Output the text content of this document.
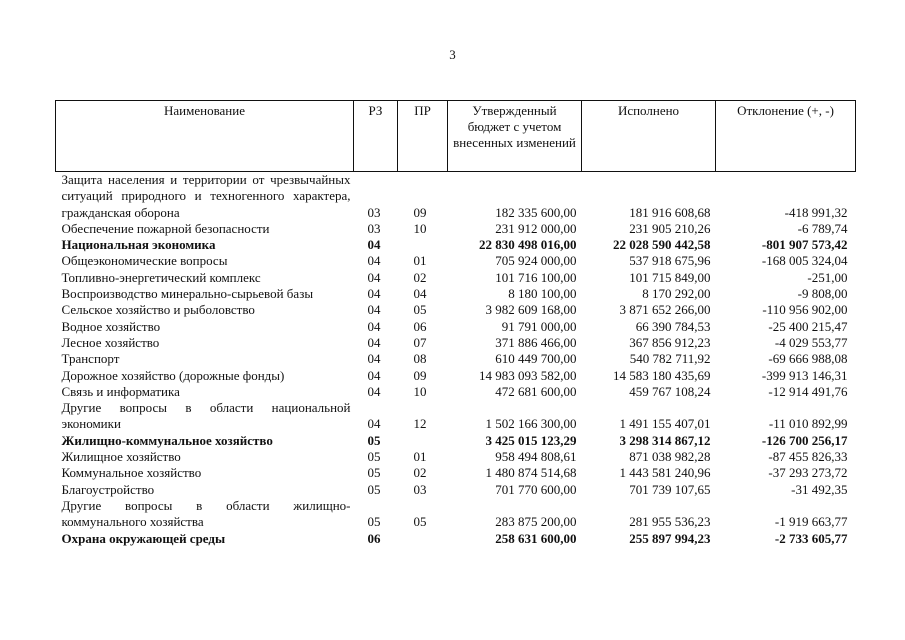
3
Наименование	РЗ	ПР	Утвержденный бюджет с учетом внесенных изменений	Исполнено	Отклонение (+, -)
Защита населения и территории от чрезвычайных ситуаций природного и техногенного характера, гражданская оборона	03	09	182 335 600,00	181 916 608,68	-418 991,32
Обеспечение пожарной безопасности	03	10	231 912 000,00	231 905 210,26	-6 789,74
Национальная экономика	04		22 830 498 016,00	22 028 590 442,58	-801 907 573,42
Общеэкономические вопросы	04	01	705 924 000,00	537 918 675,96	-168 005 324,04
Топливно-энергетический комплекс	04	02	101 716 100,00	101 715 849,00	-251,00
Воспроизводство минерально-сырьевой базы	04	04	8 180 100,00	8 170 292,00	-9 808,00
Сельское хозяйство и рыболовство	04	05	3 982 609 168,00	3 871 652 266,00	-110 956 902,00
Водное хозяйство	04	06	91 791 000,00	66 390 784,53	-25 400 215,47
Лесное хозяйство	04	07	371 886 466,00	367 856 912,23	-4 029 553,77
Транспорт	04	08	610 449 700,00	540 782 711,92	-69 666 988,08
Дорожное хозяйство (дорожные фонды)	04	09	14 983 093 582,00	14 583 180 435,69	-399 913 146,31
Связь и информатика	04	10	472 681 600,00	459 767 108,24	-12 914 491,76
Другие вопросы в области национальной экономики	04	12	1 502 166 300,00	1 491 155 407,01	-11 010 892,99
Жилищно-коммунальное хозяйство	05		3 425 015 123,29	3 298 314 867,12	-126 700 256,17
Жилищное хозяйство	05	01	958 494 808,61	871 038 982,28	-87 455 826,33
Коммунальное хозяйство	05	02	1 480 874 514,68	1 443 581 240,96	-37 293 273,72
Благоустройство	05	03	701 770 600,00	701 739 107,65	-31 492,35
Другие вопросы в области жилищно-коммунального хозяйства	05	05	283 875 200,00	281 955 536,23	-1 919 663,77
Охрана окружающей среды	06		258 631 600,00	255 897 994,23	-2 733 605,77
